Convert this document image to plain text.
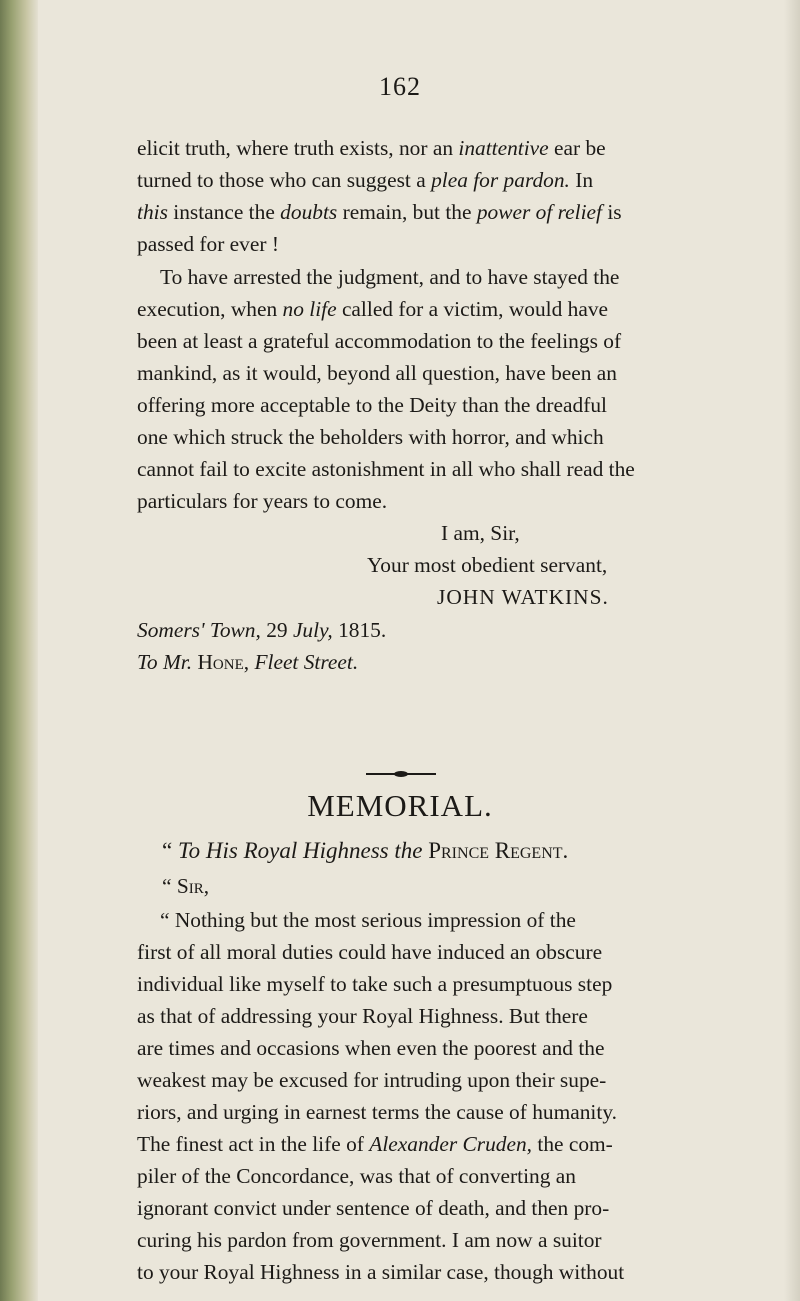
162
elicit truth, where truth exists, nor an inattentive ear be
turned to those who can suggest a plea for pardon. In
this instance the doubts remain, but the power of relief is
passed for ever !
To have arrested the judgment, and to have stayed the
execution, when no life called for a victim, would have
been at least a grateful accommodation to the feelings of
mankind, as it would, beyond all question, have been an
offering more acceptable to the Deity than the dreadful
one which struck the beholders with horror, and which
cannot fail to excite astonishment in all who shall read the
particulars for years to come.
I am, Sir,
Your most obedient servant,
JOHN WATKINS.
Somers' Town, 29 July, 1815.
To Mr. Hone, Fleet Street.
MEMORIAL.
“ To His Royal Highness the Prince Regent.
“ Sir,
“ Nothing but the most serious impression of the
first of all moral duties could have induced an obscure
individual like myself to take such a presumptuous step
as that of addressing your Royal Highness. But there
are times and occasions when even the poorest and the
weakest may be excused for intruding upon their supe-
riors, and urging in earnest terms the cause of humanity.
The finest act in the life of Alexander Cruden, the com-
piler of the Concordance, was that of converting an
ignorant convict under sentence of death, and then pro-
curing his pardon from government. I am now a suitor
to your Royal Highness in a similar case, though without
